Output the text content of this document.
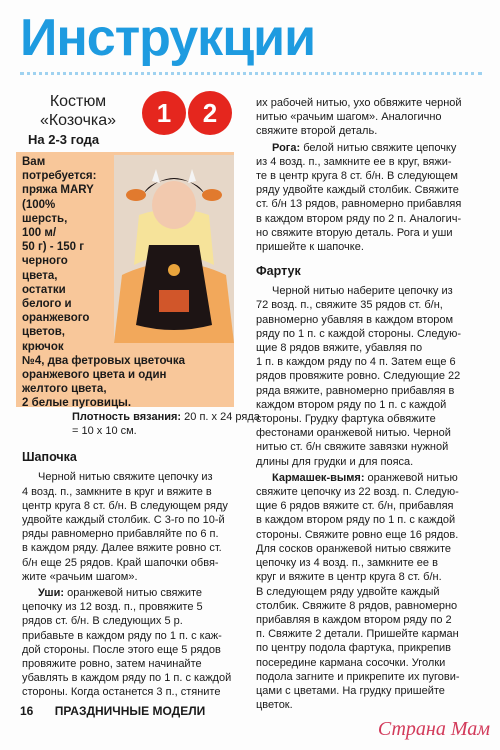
Инструкции
Костюм
«Козочка»
На 2-3 года
1	2
Вам
потребуется:
пряжа MARY
(100%
шерсть,
100 м/
50 г) - 150 г
черного
цвета,
остатки
белого и
оранжевого
цветов,
крючок
№4, два фетровых цветочка
оранжевого цвета и один
желтого цвета,
2 белые пуговицы.

Плотность вязания: 20 п. х 24 ряда

= 10 х 10 см.

Шапочка

Черной нитью свяжите цепочку из
4 возд. п., замкните в круг и вяжите в
центр круга 8 ст. б/н. В следующем ряду
удвойте каждый столбик. С 3-го по 10-й
ряды равномерно прибавляйте по 6 п.
в каждом ряду. Далее вяжите ровно ст.
б/н еще 25 рядов. Край шапочки обвя-
жите «рачьим шагом».

Уши: оранжевой нитью свяжите
цепочку из 12 возд. п., провяжите 5
рядов ст. б/н. В следующих 5 р.
прибавьте в каждом ряду по 1 п. с каж-
дой стороны. После этого еще 5 рядов
провяжите ровно, затем начинайте
убавлять в каждом ряду по 1 п. с каждой
стороны. Когда останется 3 п., стяните

их рабочей нитью, ухо обвяжите черной
нитью «рачьим шагом». Аналогично
свяжите второй деталь.

Рога: белой нитью свяжите цепочку
из 4 возд. п., замкните ее в круг, вяжи-
те в центр круга 8 ст. б/н. В следующем
ряду удвойте каждый столбик. Свяжите
ст. б/н 13 рядов, равномерно прибавляя
в каждом втором ряду по 2 п. Аналогич-
но свяжите вторую деталь. Рога и уши
пришейте к шапочке.

Фартук

Черной нитью наберите цепочку из
72 возд. п., свяжите 35 рядов ст. б/н,
равномерно убавляя в каждом втором
ряду по 1 п. с каждой стороны. Следую-
щие 8 рядов вяжите, убавляя по
1 п. в каждом ряду по 4 п. Затем еще 6
рядов провяжите ровно. Следующие 22
ряда вяжите, равномерно прибавляя в
каждом втором ряду по 1 п. с каждой
стороны. Грудку фартука обвяжите
фестонами оранжевой нитью. Черной
нитью ст. б/н свяжите завязки нужной
длины для грудки и для пояса.

Кармашек-вымя: оранжевой нитью
свяжите цепочку из 22 возд. п. Следую-
щие 6 рядов вяжите ст. б/н, прибавляя
в каждом втором ряду по 1 п. с каждой
стороны. Свяжите ровно еще 16 рядов.
Для сосков оранжевой нитью свяжите
цепочку из 4 возд. п., замкните ее в
круг и вяжите в центр круга 8 ст. б/н.
В следующем ряду удвойте каждый
столбик. Свяжите 8 рядов, равномерно
прибавляя в каждом втором ряду по 2
п. Свяжите 2 детали. Пришейте карман
по центру подола фартука, прикрепив
посередине кармана сосочки. Уголки
подола загните и прикрепите их пугови-
цами с цветами. На грудку пришейте
цветок.

16 ПРАЗДНИЧНЫЕ МОДЕЛИ
Страна Мам
